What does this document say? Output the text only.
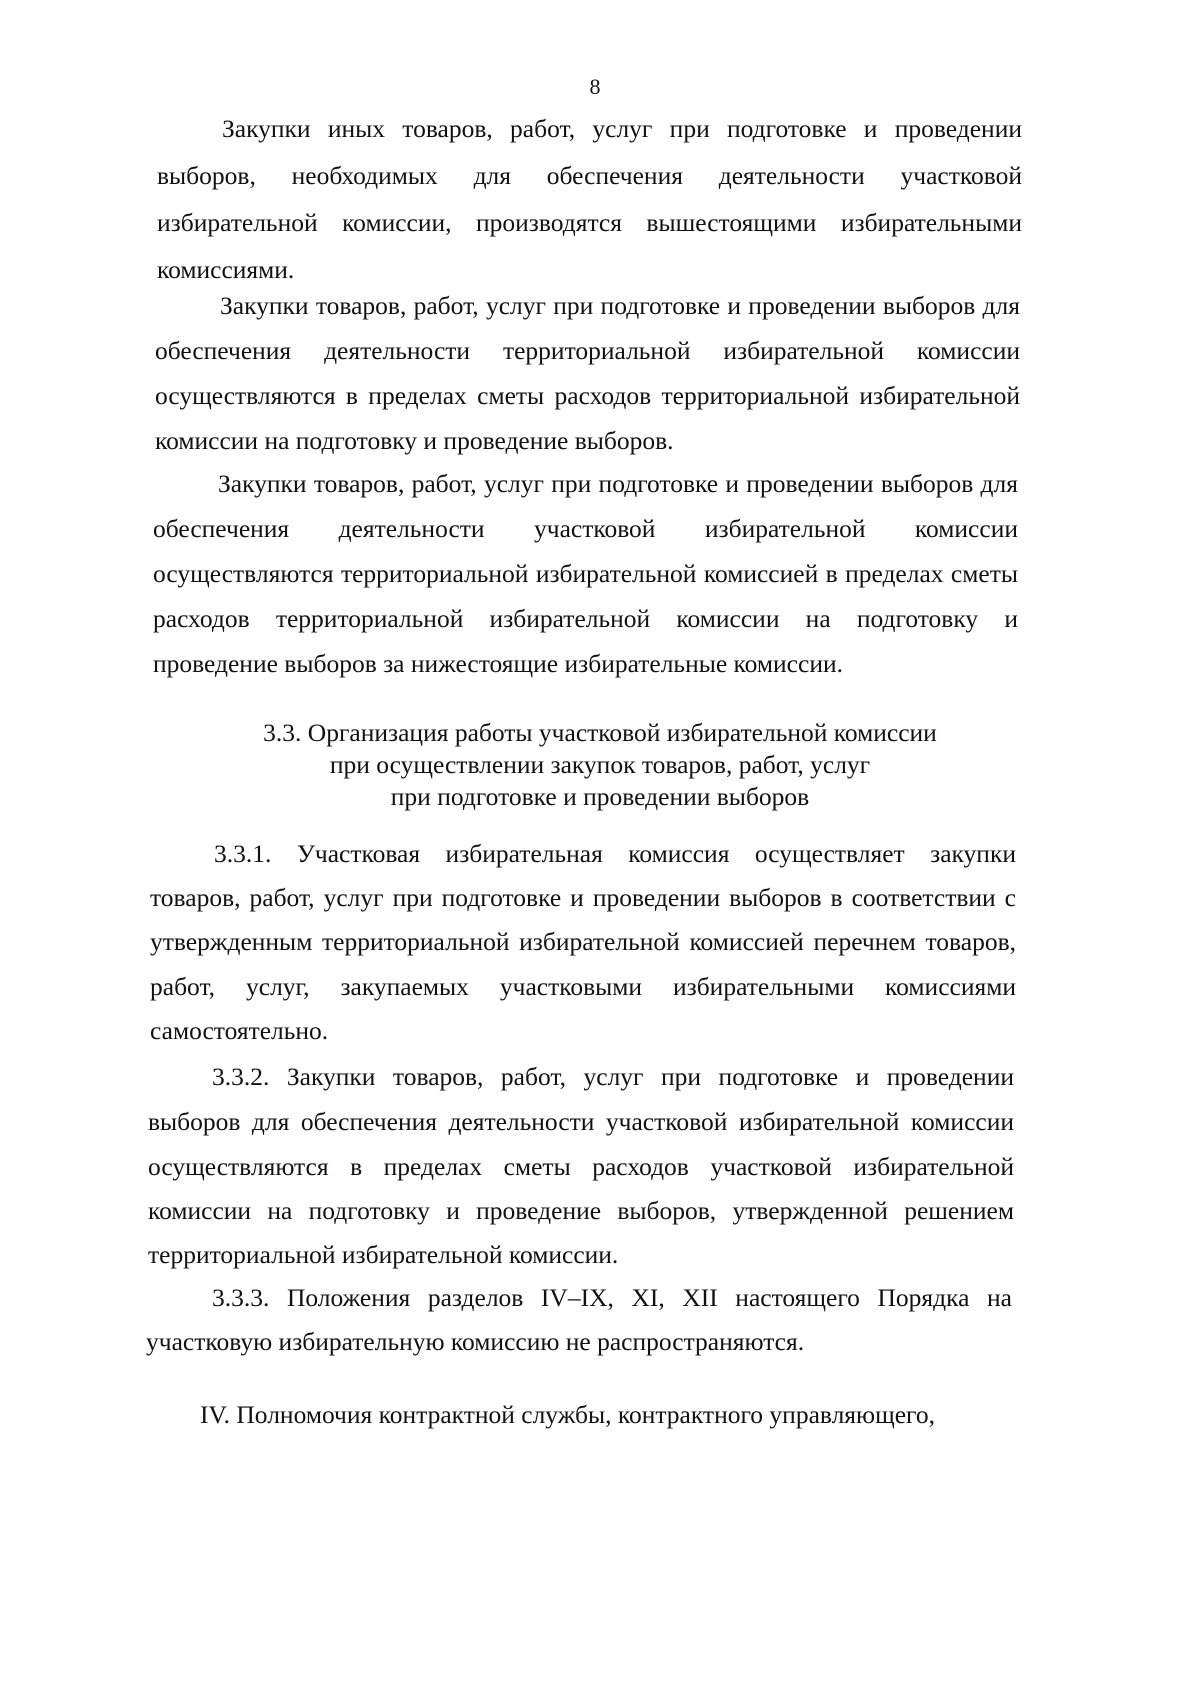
8
Закупки иных товаров, работ, услуг при подготовке и проведении
выборов, необходимых для обеспечения деятельности участковой
избирательной комиссии, производятся вышестоящими избирательными
комиссиями.
Закупки товаров, работ, услуг при подготовке и проведении выборов для
обеспечения деятельности территориальной избирательной комиссии
осуществляются в пределах сметы расходов территориальной избирательной
комиссии на подготовку и проведение выборов.
Закупки товаров, работ, услуг при подготовке и проведении выборов для
обеспечения деятельности участковой избирательной комиссии
осуществляются территориальной избирательной комиссией в пределах сметы
расходов территориальной избирательной комиссии на подготовку и
проведение выборов за нижестоящие избирательные комиссии.
3.3. Организация работы участковой избирательной комиссии
при осуществлении закупок товаров, работ, услуг
при подготовке и проведении выборов
3.3.1. Участковая избирательная комиссия осуществляет закупки
товаров, работ, услуг при подготовке и проведении выборов в соответствии с
утвержденным территориальной избирательной комиссией перечнем товаров,
работ, услуг, закупаемых участковыми избирательными комиссиями
самостоятельно.
3.3.2. Закупки товаров, работ, услуг при подготовке и проведении
выборов для обеспечения деятельности участковой избирательной комиссии
осуществляются в пределах сметы расходов участковой избирательной
комиссии на подготовку и проведение выборов, утвержденной решением
территориальной избирательной комиссии.
3.3.3. Положения разделов IV–IX, XI, XII настоящего Порядка на
участковую избирательную комиссию не распространяются.
IV. Полномочия контрактной службы, контрактного управляющего,
